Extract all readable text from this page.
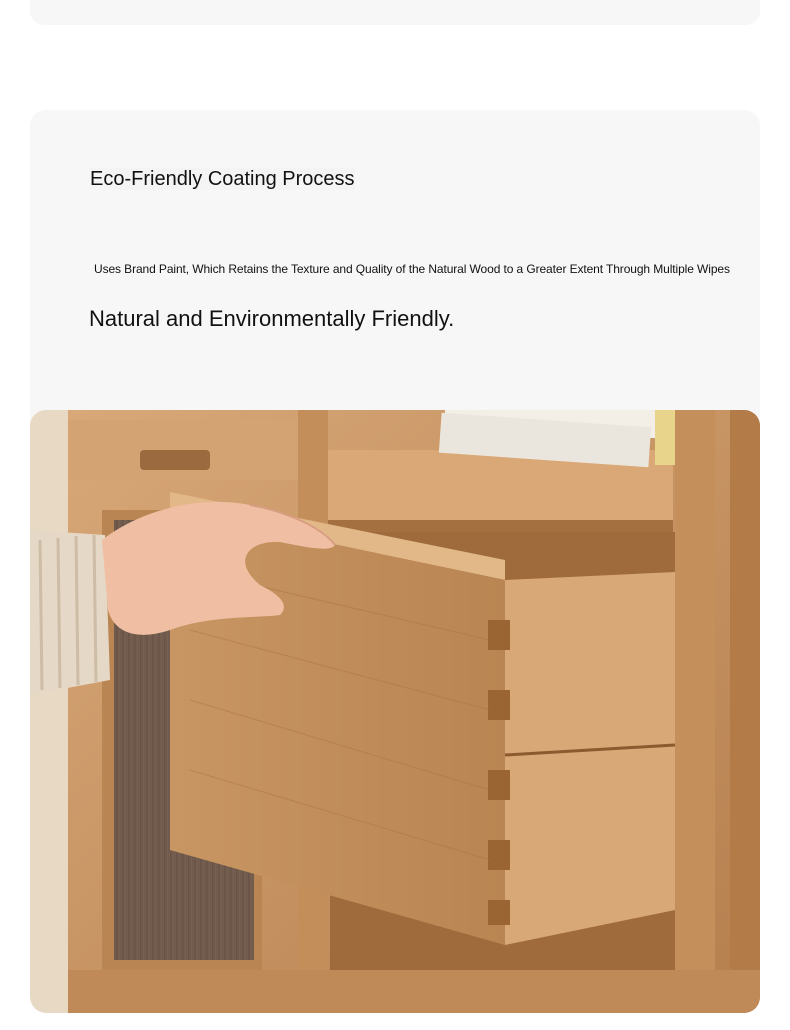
Eco-Friendly Coating Process
Uses Brand Paint, Which Retains the Texture and Quality of the Natural Wood to a Greater Extent Through Multiple Wipes
Natural and Environmentally Friendly.
